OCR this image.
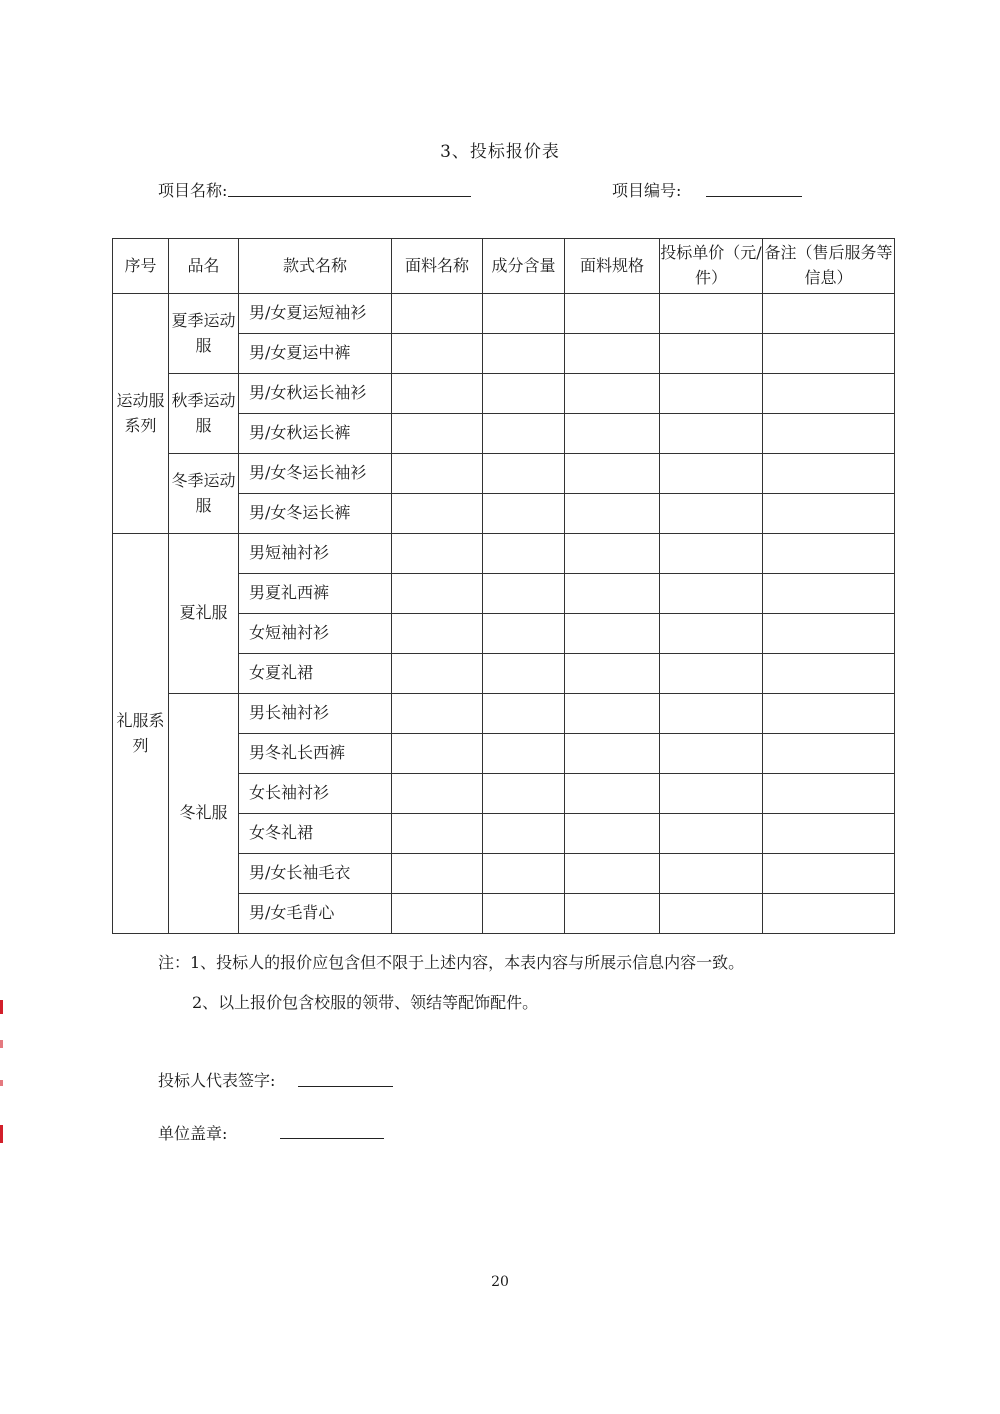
3、投标报价表
项目名称:	项目编号:
序号	品名	款式名称	面料名称	成分含量	面料规格	投标单价（元/件）	备注（售后服务等信息）
运动服系列	夏季运动服	男/女夏运短袖衫					
		男/女夏运中裤					
	秋季运动服	男/女秋运长袖衫					
		男/女秋运长裤					
	冬季运动服	男/女冬运长袖衫					
		男/女冬运长裤					
礼服系列	夏礼服	男短袖衬衫					
		男夏礼西裤					
		女短袖衬衫					
		女夏礼裙					
	冬礼服	男长袖衬衫					
		男冬礼长西裤					
		女长袖衬衫					
		女冬礼裙					
		男/女长袖毛衣					
		男/女毛背心					
注：1、投标人的报价应包含但不限于上述内容，本表内容与所展示信息内容一致。
2、以上报价包含校服的领带、领结等配饰配件。
投标人代表签字:
单位盖章:
20
